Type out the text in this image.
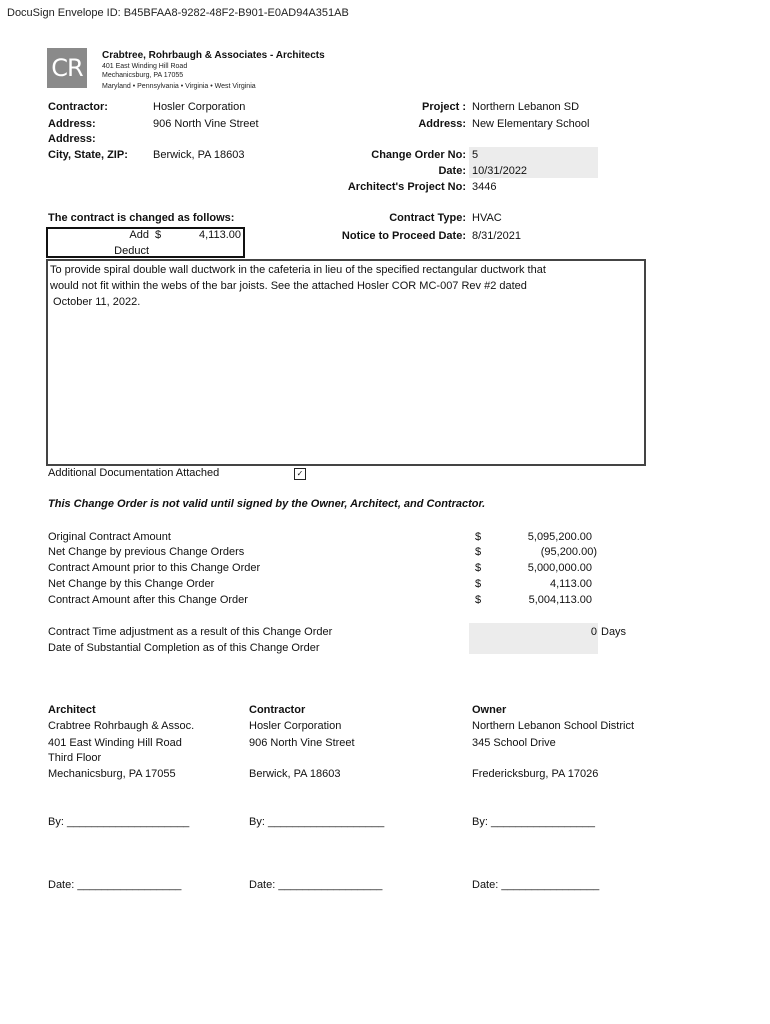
DocuSign Envelope ID: B45BFAA8-9282-48F2-B901-E0AD94A351AB
CR	Crabtree, Rohrbaugh & Associates - Architects
401 East Winding Hill Road
Mechanicsburg, PA 17055
Maryland • Pennsylvania • Virginia • West Virginia
Contractor:	Hosler Corporation
Address:	906 North Vine Street
Address:
City, State, ZIP: Berwick, PA 18603
Project : Northern Lebanon SD
Address: New Elementary School
Change Order No: 5
Date: 10/31/2022
Architect's Project No: 3446
The contract is changed as follows:	Contract Type: HVAC
Notice to Proceed Date: 8/31/2021
Add $	4,113.00
Deduct
To provide spiral double wall ductwork in the cafeteria in lieu of the specified rectangular ductwork that
would not fit within the webs of the bar joists. See the attached Hosler COR MC-007 Rev #2 dated
October 11, 2022.
Additional Documentation Attached	✓
This Change Order is not valid until signed by the Owner, Architect, and Contractor.
Original Contract Amount	$	5,095,200.00
Net Change by previous Change Orders	$	(95,200.00)
Contract Amount prior to this Change Order	$	5,000,000.00
Net Change by this Change Order	$	4,113.00
Contract Amount after this Change Order	$	5,004,113.00
Contract Time adjustment as a result of this Change Order	0 Days
Date of Substantial Completion as of this Change Order
Architect
Crabtree Rohrbaugh & Assoc.
401 East Winding Hill Road
Third Floor
Mechanicsburg, PA 17055
By: ____________________
Date: _________________
Contractor
Hosler Corporation
906 North Vine Street
Berwick, PA 18603
By: ___________________
Date: _________________
Owner
Northern Lebanon School District
345 School Drive
Fredericksburg, PA 17026
By: _________________
Date: ________________
